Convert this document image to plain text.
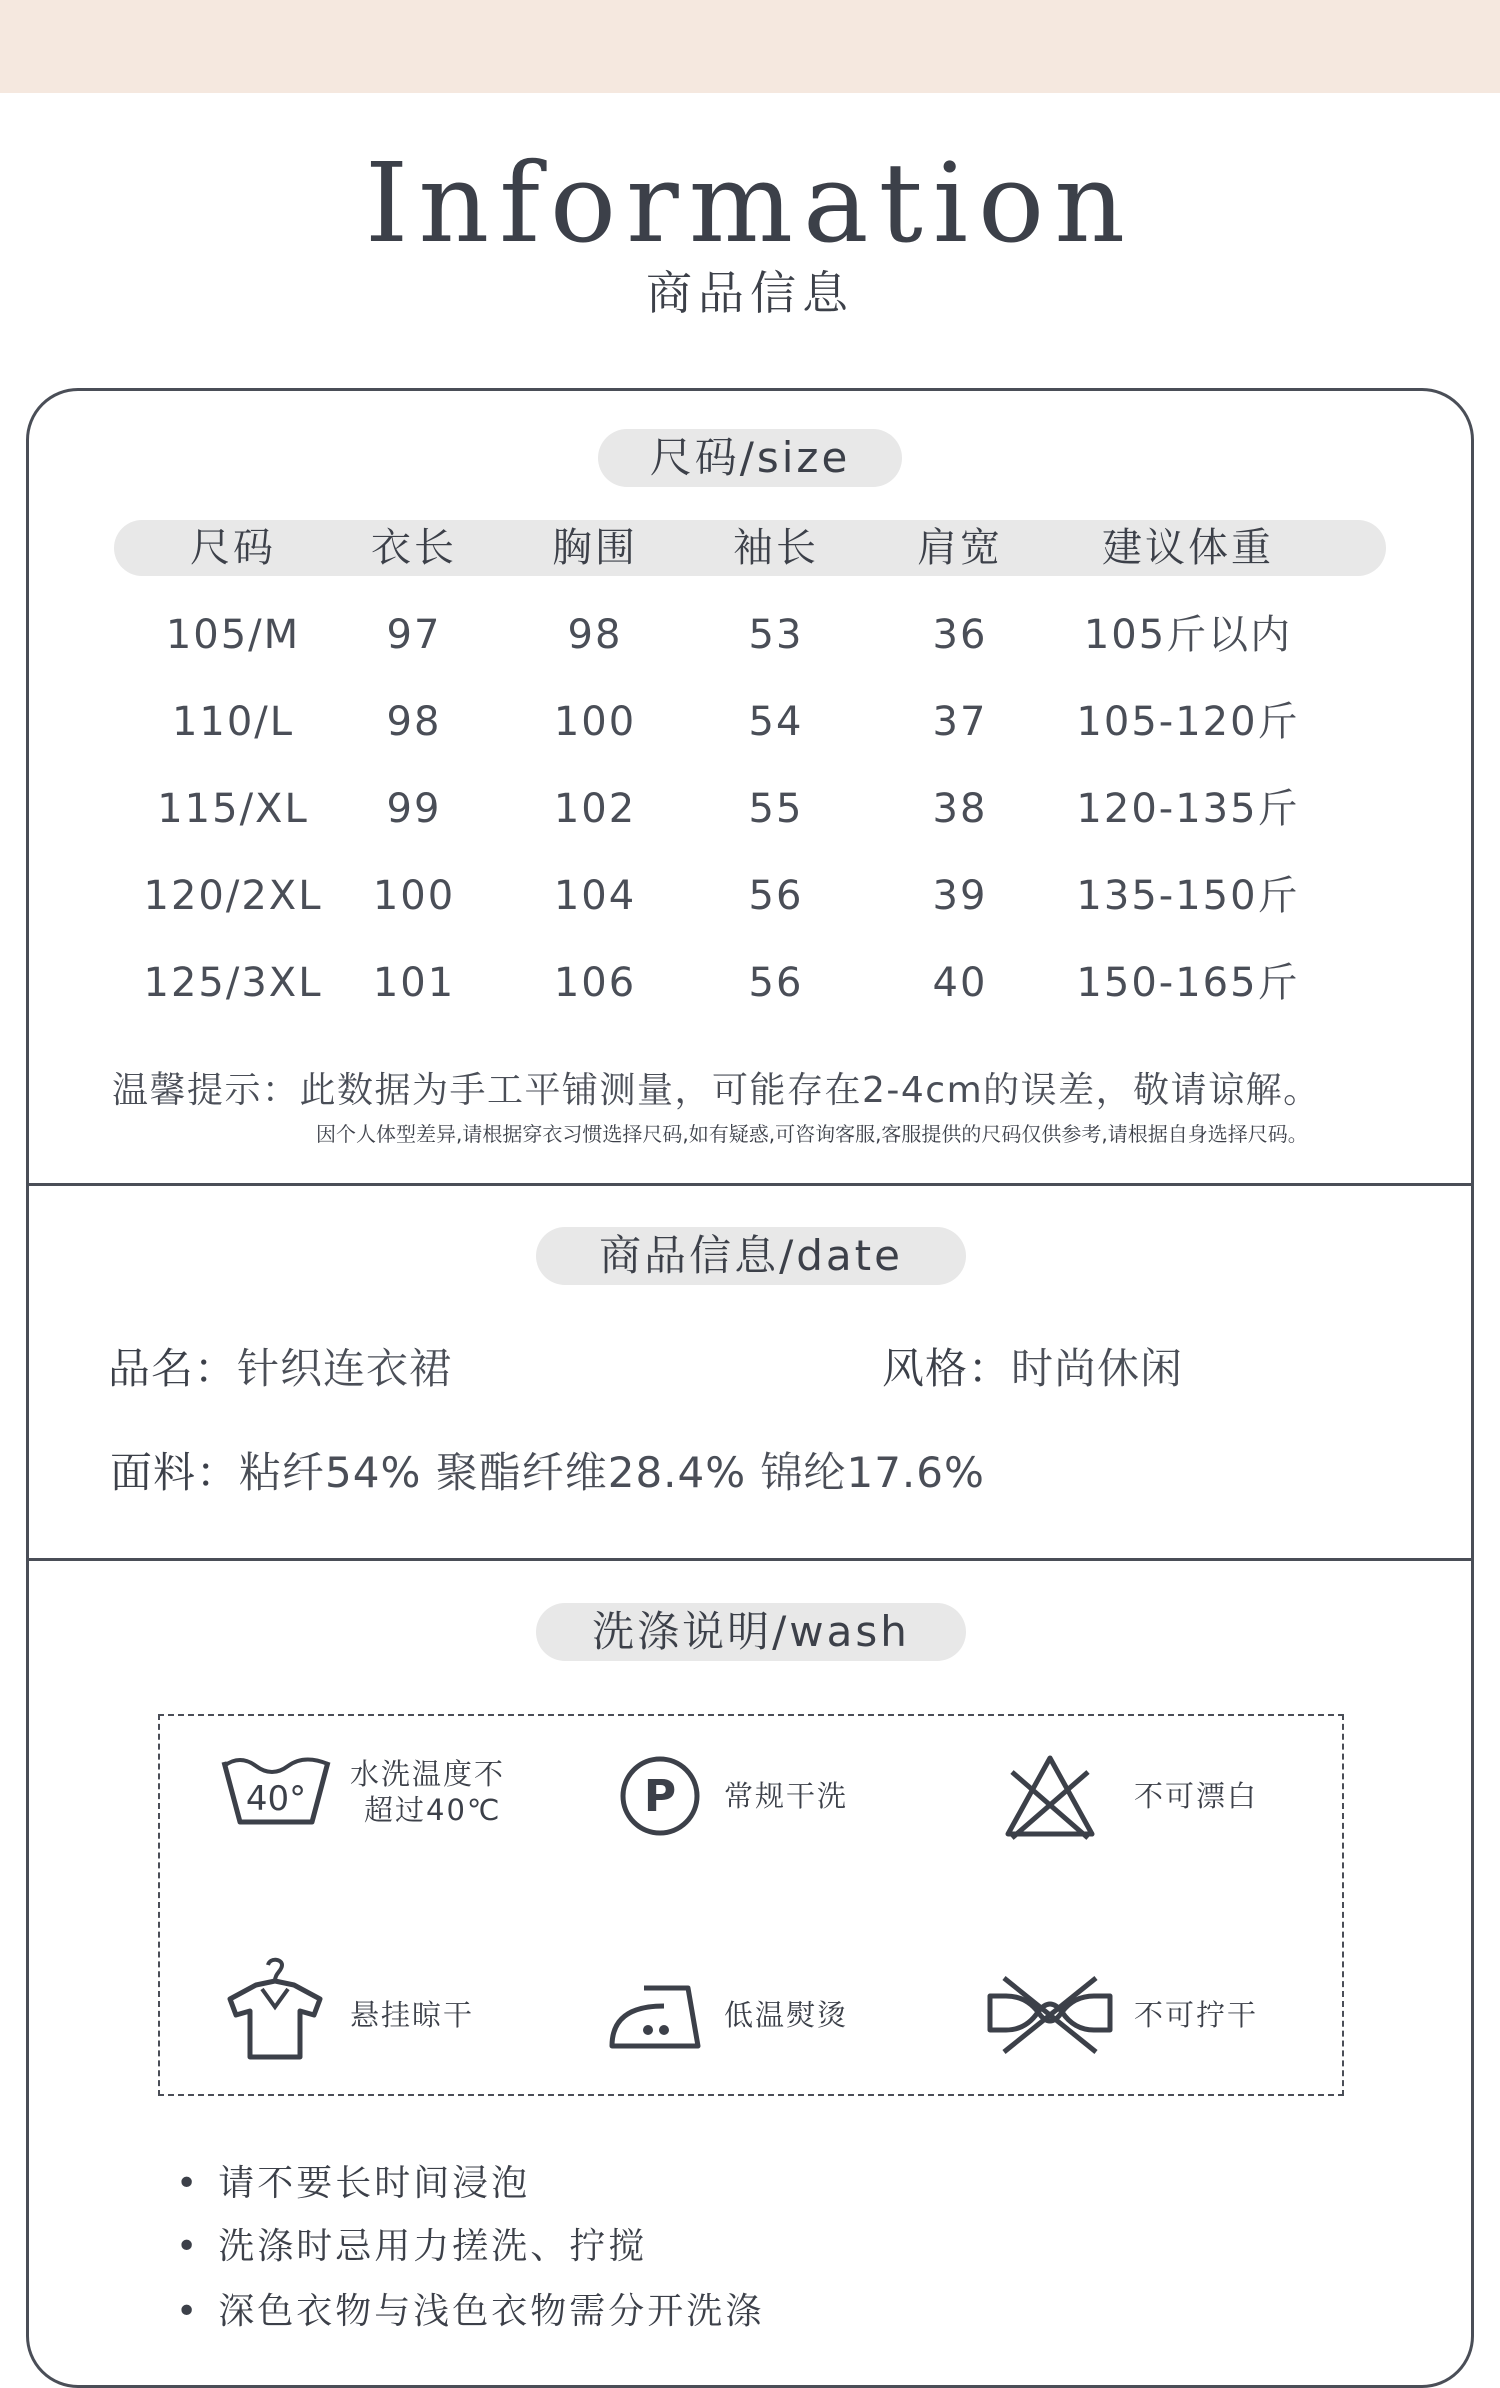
Information
商品信息
尺码/size
尺码	衣长	胸围	袖长	肩宽	建议体重
105/M	97	98	53	36	105斤以内
110/L	98	100	54	37	105-120斤
115/XL	99	102	55	38	120-135斤
120/2XL	100	104	56	39	135-150斤
125/3XL	101	106	56	40	150-165斤
温馨提示：此数据为手工平铺测量，可能存在2-4cm的误差，敬请谅解。
因个人体型差异,请根据穿衣习惯选择尺码,如有疑惑,可咨询客服,客服提供的尺码仅供参考,请根据自身选择尺码。
商品信息/date
品名：针织连衣裙	风格：时尚休闲
面料：粘纤54% 聚酯纤维28.4% 锦纶17.6%
洗涤说明/wash
40°
水洗温度不
超过40℃	P 常规干洗	不可漂白
悬挂晾干	低温熨烫	不可拧干
• 请不要长时间浸泡
• 洗涤时忌用力搓洗、拧搅
• 深色衣物与浅色衣物需分开洗涤
